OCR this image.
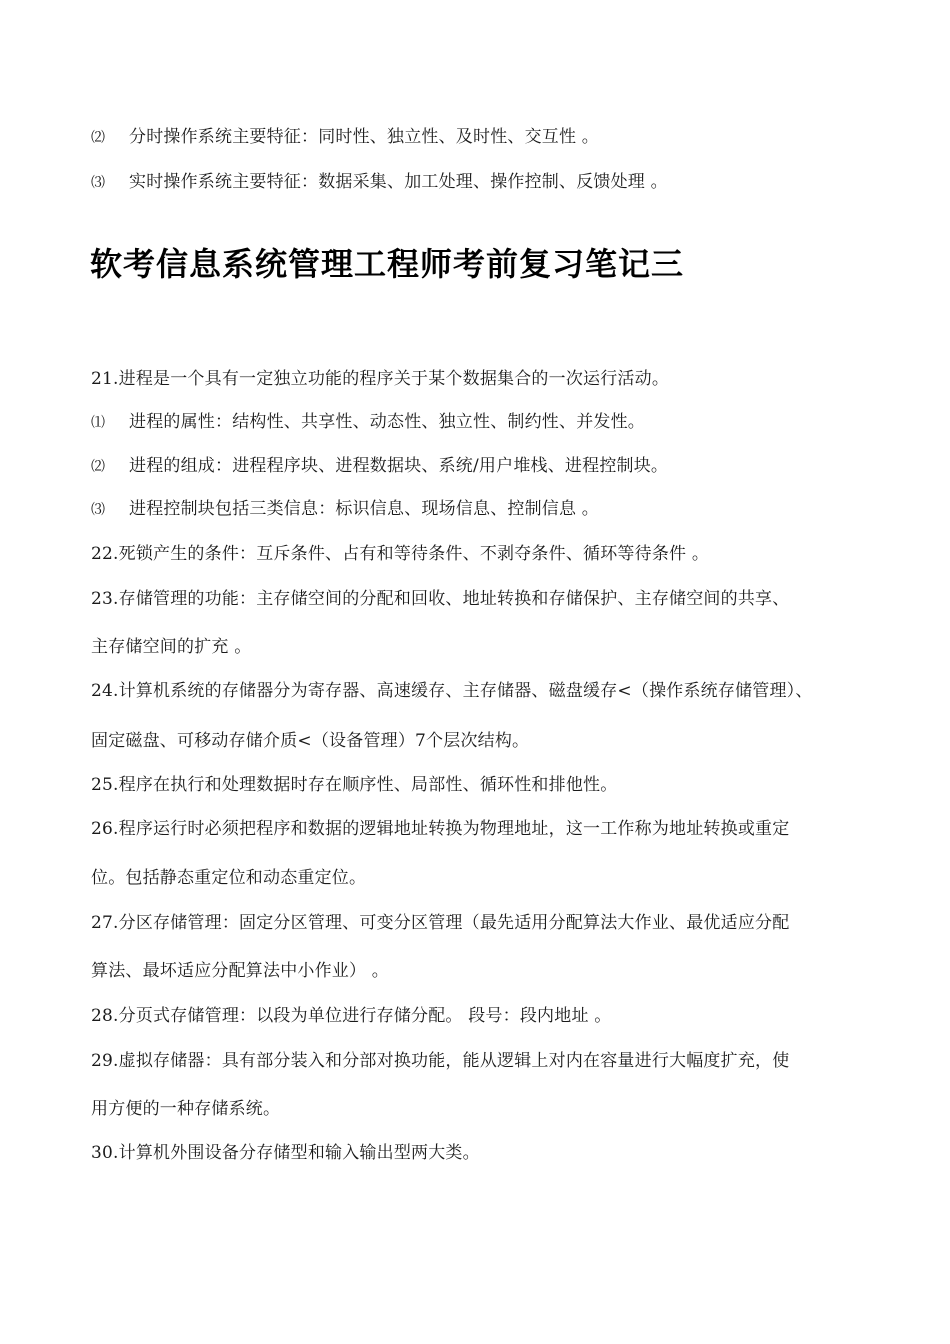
⑵ 分时操作系统主要特征：同时性、独立性、及时性、交互性 。
⑶ 实时操作系统主要特征：数据采集、加工处理、操作控制、反馈处理 。
软考信息系统管理工程师考前复习笔记三
21.进程是一个具有一定独立功能的程序关于某个数据集合的一次运行活动。
⑴ 进程的属性：结构性、共享性、动态性、独立性、制约性、并发性。
⑵ 进程的组成：进程程序块、进程数据块、系统/用户堆栈、进程控制块。
⑶ 进程控制块包括三类信息：标识信息、现场信息、控制信息 。
22.死锁产生的条件：互斥条件、占有和等待条件、不剥夺条件、循环等待条件 。
23.存储管理的功能：主存储空间的分配和回收、地址转换和存储保护、主存储空间的共享、
主存储空间的扩充 。
24.计算机系统的存储器分为寄存器、高速缓存、主存储器、磁盘缓存<（操作系统存储管理）、
固定磁盘、可移动存储介质<（设备管理）7个层次结构。
25.程序在执行和处理数据时存在顺序性、局部性、循环性和排他性。
26.程序运行时必须把程序和数据的逻辑地址转换为物理地址，这一工作称为地址转换或重定
位。包括静态重定位和动态重定位。
27.分区存储管理：固定分区管理、可变分区管理（最先适用分配算法大作业、最优适应分配
算法、最坏适应分配算法中小作业） 。
28.分页式存储管理：以段为单位进行存储分配。 段号：段内地址 。
29.虚拟存储器：具有部分装入和分部对换功能，能从逻辑上对内在容量进行大幅度扩充，使
用方便的一种存储系统。
30.计算机外围设备分存储型和输入输出型两大类。
